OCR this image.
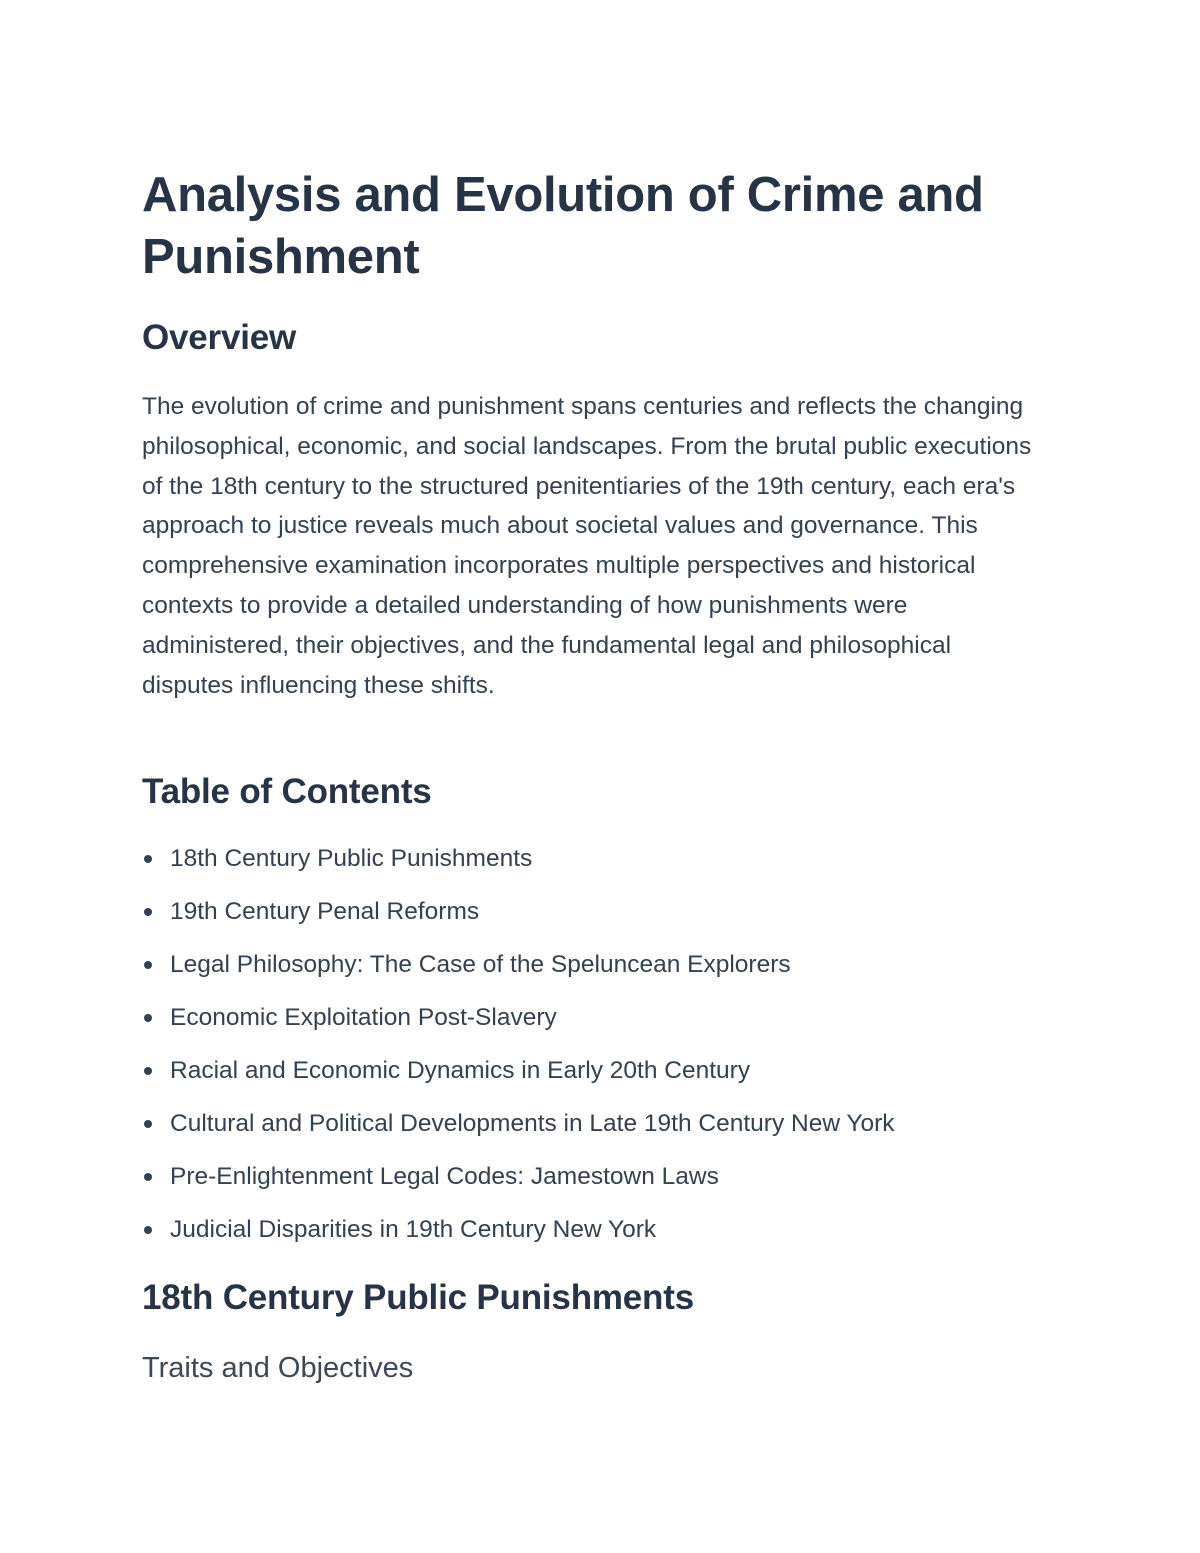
Analysis and Evolution of Crime and Punishment
Overview

The evolution of crime and punishment spans centuries and reflects the changing philosophical, economic, and social landscapes. From the brutal public executions of the 18th century to the structured penitentiaries of the 19th century, each era's approach to justice reveals much about societal values and governance. This comprehensive examination incorporates multiple perspectives and historical contexts to provide a detailed understanding of how punishments were administered, their objectives, and the fundamental legal and philosophical disputes influencing these shifts.

Table of Contents
18th Century Public Punishments
19th Century Penal Reforms
Legal Philosophy: The Case of the Speluncean Explorers
Economic Exploitation Post-Slavery
Racial and Economic Dynamics in Early 20th Century
Cultural and Political Developments in Late 19th Century New York
Pre-Enlightenment Legal Codes: Jamestown Laws
Judicial Disparities in 19th Century New York
18th Century Public Punishments
Traits and Objectives
